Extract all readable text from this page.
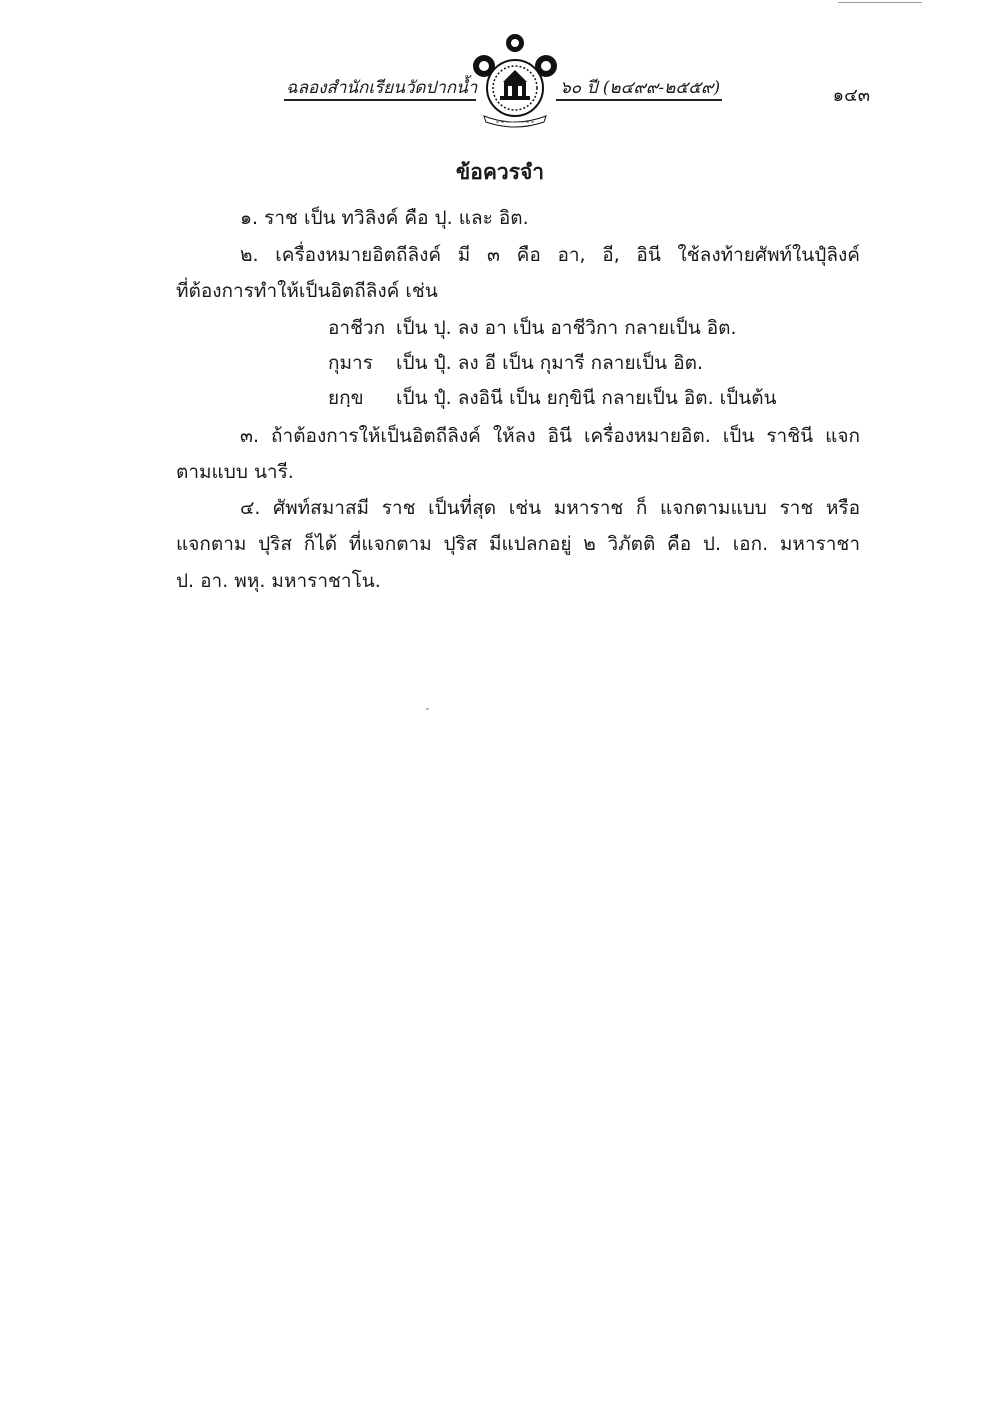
ฉลองสำนักเรียนวัดปากน้ำ	๖๐ ปี (๒๔๙๙-๒๕๕๙)	๑๔๓
ข้อควรจำ
๑. ราช เป็น ทวิลิงค์ คือ ปุ. และ อิต.
๒. เครื่องหมายอิตถีลิงค์ มี ๓ คือ อา, อี, อินี ใช้ลงท้ายศัพท์ในปุํลิงค์
ที่ต้องการทำให้เป็นอิตถีลิงค์ เช่น
อาชีวก เป็น ปุ. ลง อา เป็น อาชีวิกา กลายเป็น อิต.
กุมาร เป็น ปุํ. ลง อี เป็น กุมารี กลายเป็น อิต.
ยกฺข เป็น ปุํ. ลงอินี เป็น ยกฺขินี กลายเป็น อิต. เป็นต้น
๓. ถ้าต้องการให้เป็นอิตถีลิงค์ ให้ลง อินี เครื่องหมายอิต. เป็น ราชินี แจก
ตามแบบ นารี.
๔. ศัพท์สมาสมี ราช เป็นที่สุด เช่น มหาราช ก็ แจกตามแบบ ราช หรือ
แจกตาม ปุริส ก็ได้ ที่แจกตาม ปุริส มีแปลกอยู่ ๒ วิภัตติ คือ ป. เอก. มหาราชา
ป. อา. พหุ. มหาราชาโน.
